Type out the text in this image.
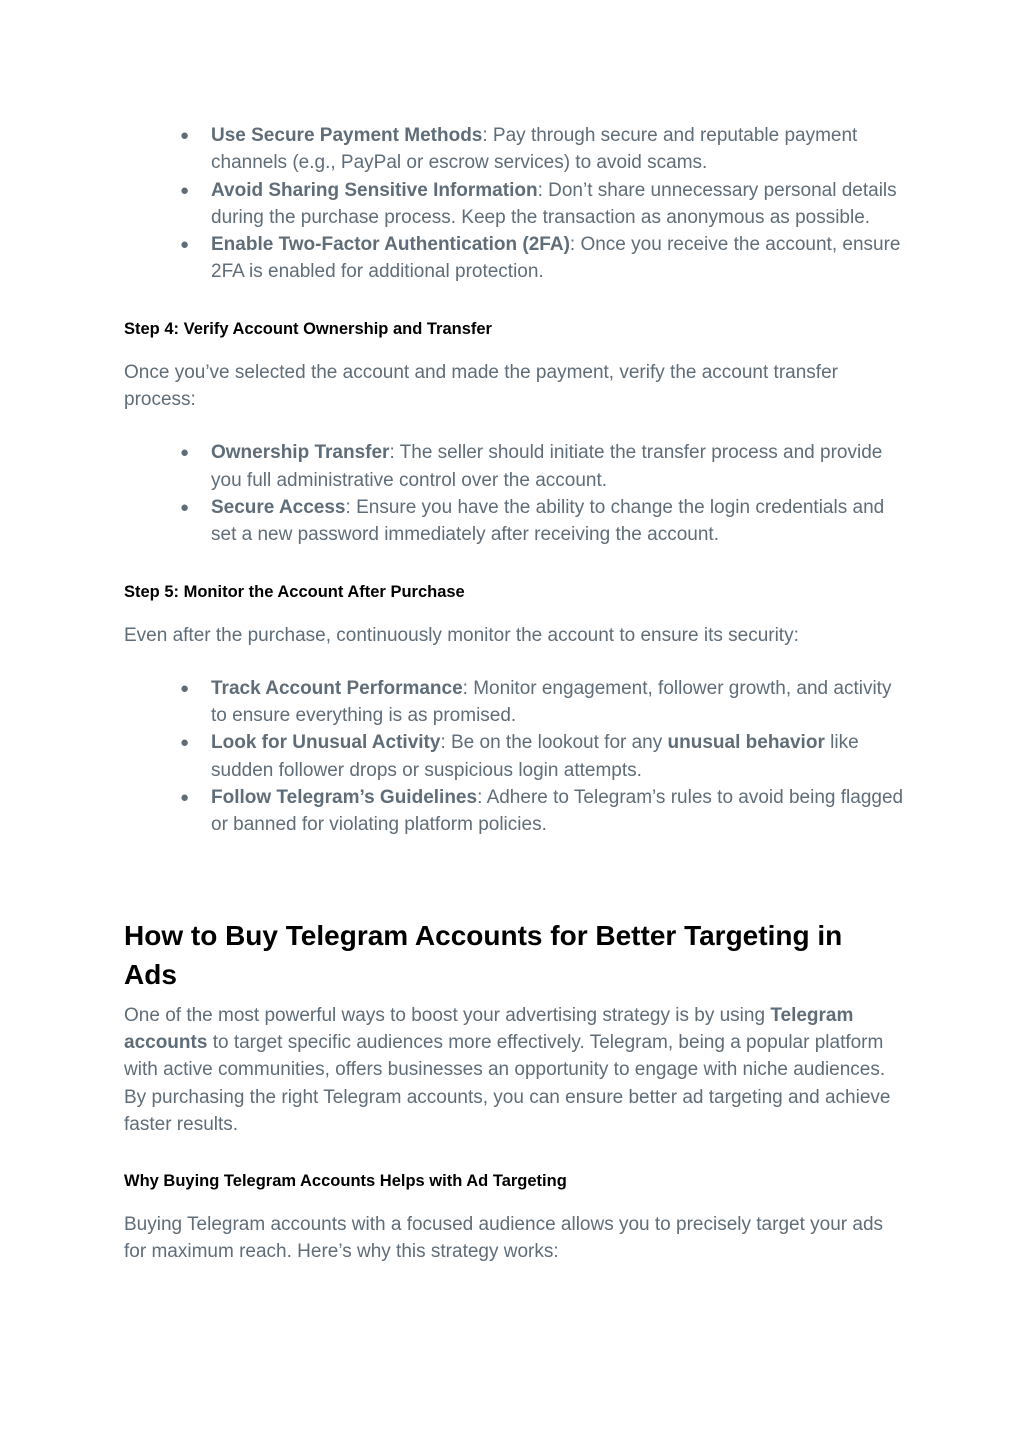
● Use Secure Payment Methods: Pay through secure and reputable payment channels (e.g., PayPal or escrow services) to avoid scams.
● Avoid Sharing Sensitive Information: Don’t share unnecessary personal details during the purchase process. Keep the transaction as anonymous as possible.
● Enable Two-Factor Authentication (2FA): Once you receive the account, ensure 2FA is enabled for additional protection.
Step 4: Verify Account Ownership and Transfer

Once you’ve selected the account and made the payment, verify the account transfer process:

● Ownership Transfer: The seller should initiate the transfer process and provide you full administrative control over the account.
● Secure Access: Ensure you have the ability to change the login credentials and set a new password immediately after receiving the account.
Step 5: Monitor the Account After Purchase

Even after the purchase, continuously monitor the account to ensure its security:

● Track Account Performance: Monitor engagement, follower growth, and activity to ensure everything is as promised.
● Look for Unusual Activity: Be on the lookout for any unusual behavior like sudden follower drops or suspicious login attempts.
● Follow Telegram’s Guidelines: Adhere to Telegram’s rules to avoid being flagged or banned for violating platform policies.
How to Buy Telegram Accounts for Better Targeting in Ads

One of the most powerful ways to boost your advertising strategy is by using Telegram accounts to target specific audiences more effectively. Telegram, being a popular platform with active communities, offers businesses an opportunity to engage with niche audiences. By purchasing the right Telegram accounts, you can ensure better ad targeting and achieve faster results.

Why Buying Telegram Accounts Helps with Ad Targeting

Buying Telegram accounts with a focused audience allows you to precisely target your ads for maximum reach. Here’s why this strategy works:
